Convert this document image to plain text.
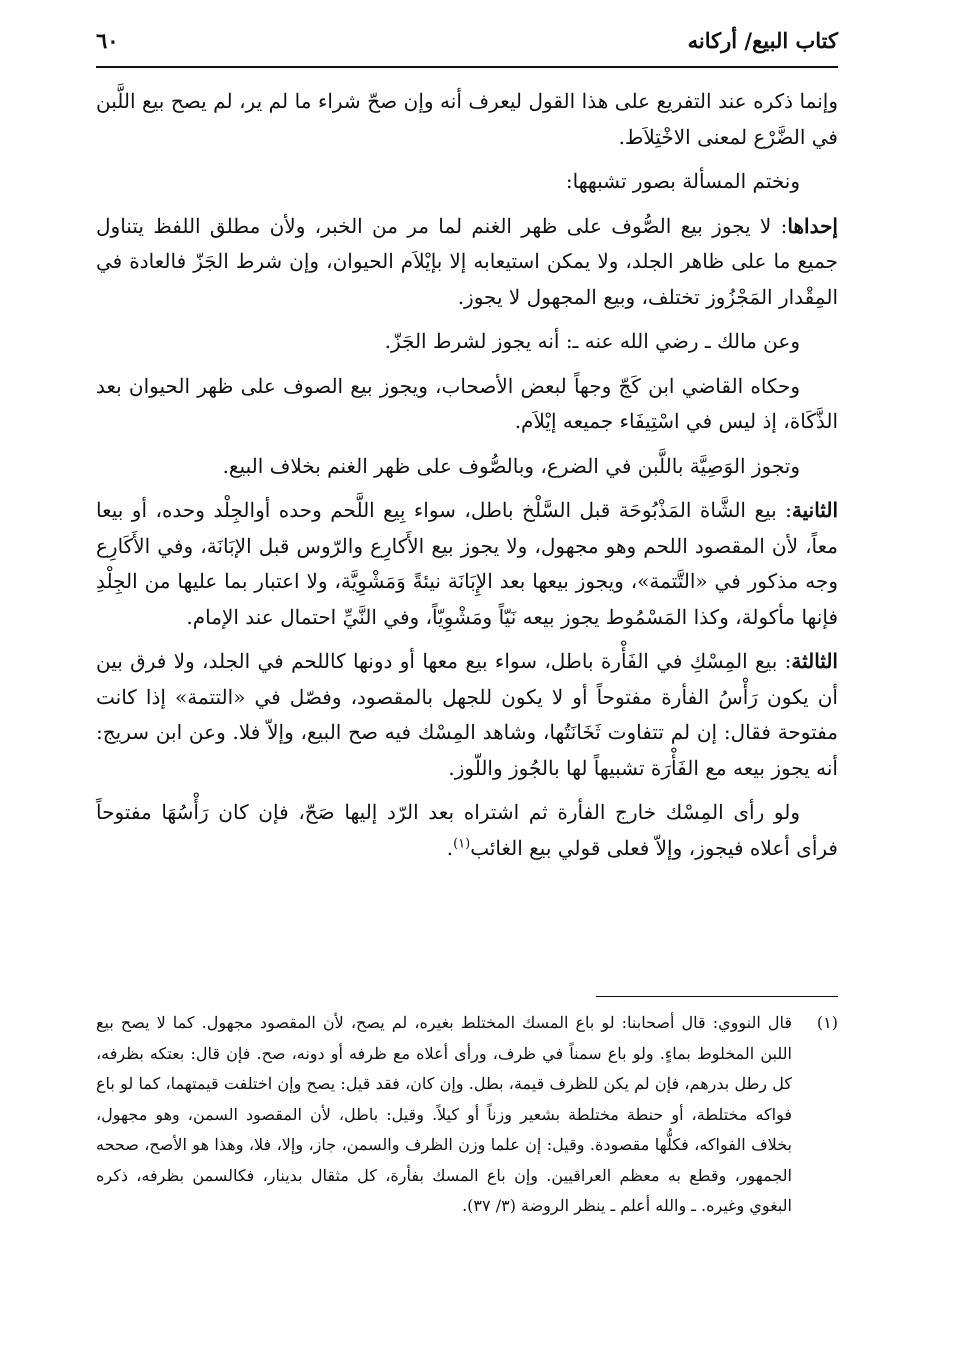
كتاب البيع/ أركانه
٦٠

وإنما ذكره عند التفريع على هذا القول ليعرف أنه وإن صحّ شراء ما لم ير، لم يصح بيع اللَّبن في الضَّرْع لمعنى الاخْتِلاَط.

ونختم المسألة بصور تشبهها:

إحداها: لا يجوز بيع الصُّوف على ظهر الغنم لما مر من الخبر، ولأن مطلق اللفظ يتناول جميع ما على ظاهر الجلد، ولا يمكن استيعابه إلا بإيْلاَم الحيوان، وإن شرط الجَزّ فالعادة في المِقْدار المَجْزُوز تختلف، وبيع المجهول لا يجوز.

وعن مالك ـ رضي الله عنه ـ: أنه يجوز لشرط الجَزّ.

وحكاه القاضي ابن كَجّ وجهاً لبعض الأصحاب، ويجوز بيع الصوف على ظهر الحيوان بعد الذَّكَاة، إذ ليس في اسْتِيفَاء جميعه إيْلاَم.

وتجوز الوَصِيَّة باللَّبن في الضرع، وبالصُّوف على ظهر الغنم بخلاف البيع.

الثانية: بيع الشَّاة المَذْبُوحَة قبل السَّلْخ باطل، سواء بِيع اللَّحم وحده أوالجِلْد وحده، أو بيعا معاً، لأن المقصود اللحم وهو مجهول، ولا يجوز بيع الأَكارِع والرّوس قبل الإبَانَة، وفي الأَكَارِع وجه مذكور في «التَّتمة»، ويجوز بيعها بعد الإِبَانَة نيئةً وَمَشْوِيَّة، ولا اعتبار بما عليها من الجِلْدِ فإنها مأكولة، وكذا المَسْمُوط يجوز بيعه نَيّاً ومَشْوِيّاً، وفي النَّيِّ احتمال عند الإمام.

الثالثة: بيع المِسْكِ في الفَأْرة باطل، سواء بيع معها أو دونها كاللحم في الجلد، ولا فرق بين أن يكون رَأْسُ الفأرة مفتوحاً أو لا يكون للجهل بالمقصود، وفصّل في «التتمة» إذا كانت مفتوحة فقال: إن لم تتفاوت ثَخَانَتُها، وشاهد المِسْك فيه صح البيع، وإلاّ فلا. وعن ابن سريج: أنه يجوز بيعه مع الفَأْرَة تشبيهاً لها بالجُوز واللّوز.

ولو رأى المِسْك خارج الفأرة ثم اشتراه بعد الرّد إليها صَحّ، فإن كان رَأْسُهَا مفتوحاً فرأى أعلاه فيجوز، وإلاّ فعلى قولي بيع الغائب$^{(١)}$.

(١)

قال النووي: قال أصحابنا: لو باع المسك المختلط بغيره، لم يصح، لأن المقصود مجهول. كما لا يصح بيع اللبن المخلوط بماءٍ. ولو باع سمناً في ظرف، ورأى أعلاه مع ظرفه أو دونه، صح. فإن قال: بعتكه بظرفه، كل رطل بدرهم، فإن لم يكن للظرف قيمة، بطل. وإن كان، فقد قيل: يصح وإن اختلفت قيمتهما، كما لو باع فواكه مختلطة، أو حنطة مختلطة بشعير وزناً أو كيلاً. وقيل: باطل، لأن المقصود السمن، وهو مجهول، بخلاف الفواكه، فكلُّها مقصودة. وقيل: إن علما وزن الظرف والسمن، جاز، وإلا، فلا، وهذا هو الأصح، صححه الجمهور، وقطع به معظم العراقيين. وإن باع المسك بفأرة، كل مثقال بدينار، فكالسمن بظرفه، ذكره البغوي وغيره. ـ والله أعلم ـ ينظر الروضة (٣/ ٣٧).
